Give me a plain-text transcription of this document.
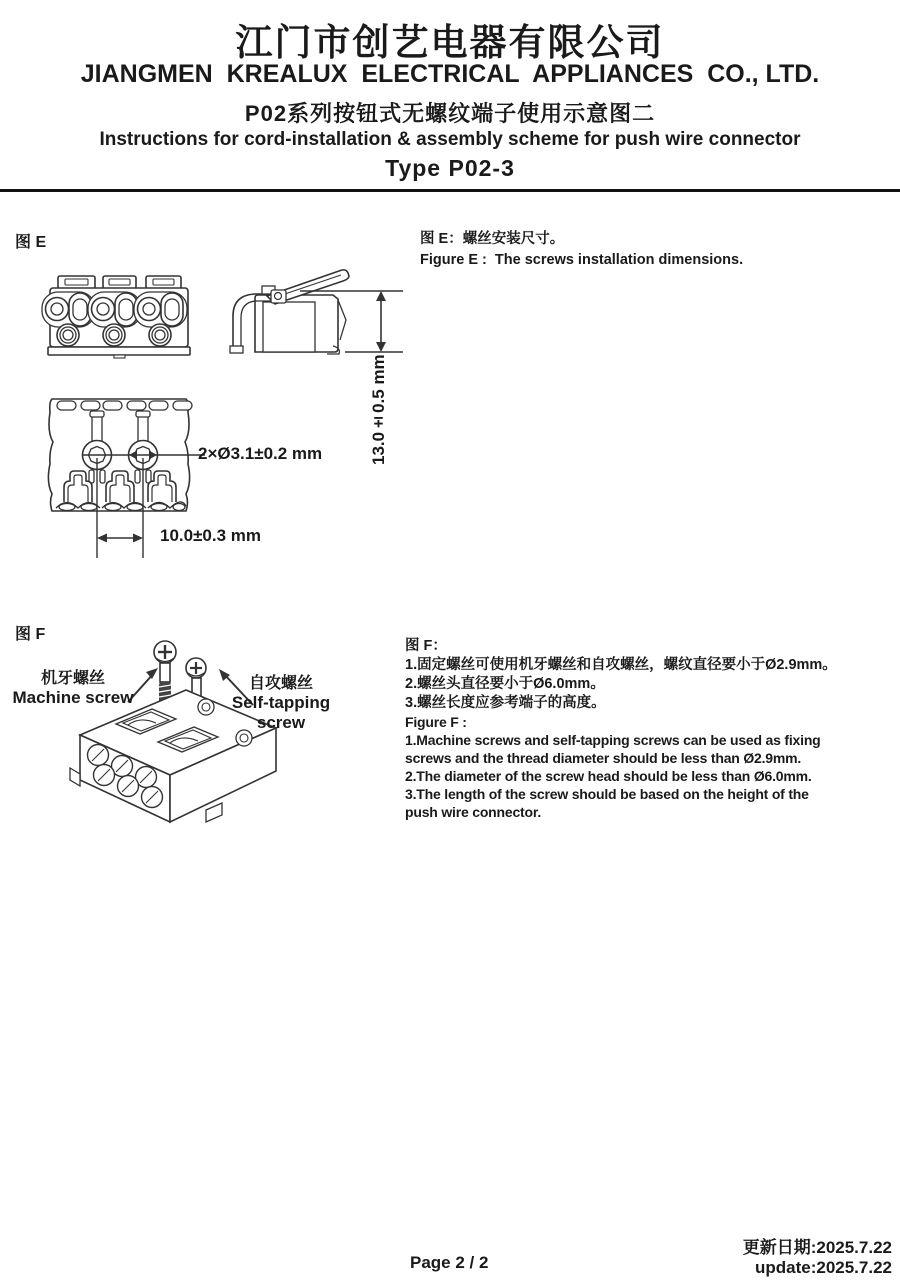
江门市创艺电器有限公司
JIANGMEN  KREALUX  ELECTRICAL  APPLIANCES  CO., LTD.
P02系列按钮式无螺纹端子使用示意图二
Instructions for cord-installation & assembly scheme for push wire connector
Type P02-3
图 E	图 E：螺丝安装尺寸。
Figure E :  The screws installation dimensions.
2×Ø3.1±0.2 mm	13.0±0.5 mm
10.0±0.3 mm
图 F
机牙螺丝
Machine screw
自攻螺丝
Self-tapping screw
图 F：
1.固定螺丝可使用机牙螺丝和自攻螺丝，螺纹直径要小于Ø2.9mm。
2.螺丝头直径要小于Ø6.0mm。
3.螺丝长度应参考端子的高度。
Figure F :
1.Machine screws and self-tapping screws can be used as fixing
screws and the thread diameter should be less than Ø2.9mm.
2.The diameter of the screw head should be less than Ø6.0mm.
3.The length of the screw should be based on the height of the
push wire connector.
Page 2 / 2
更新日期:2025.7.22
update:2025.7.22
